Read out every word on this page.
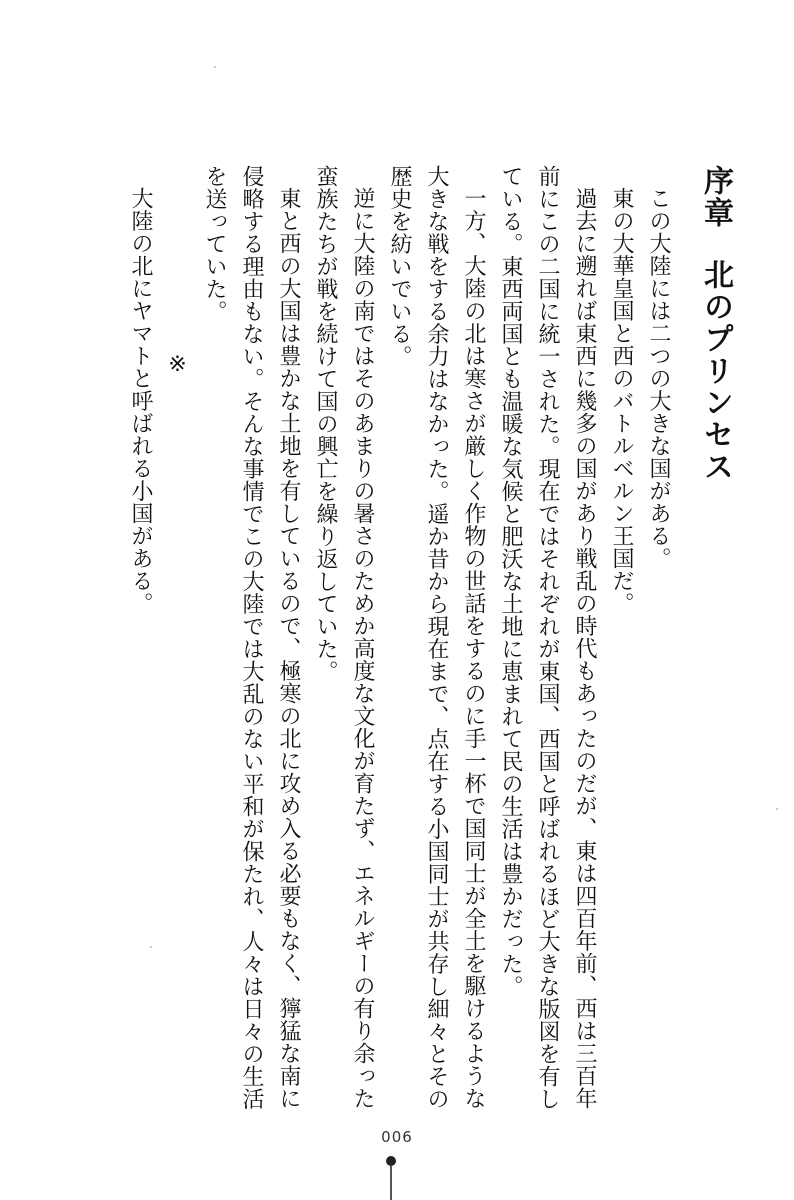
序章北のプリンセス

この大陸には二つの大きな国がある。

東の大華皇国と西のバトルベルン王国だ。

過去に遡れば東西に幾多の国があり戦乱の時代もあったのだが、東は四百年前、西は三百年前にこの二国に統一された。現在ではそれぞれが東国、西国と呼ばれるほど大きな版図を有している。東西両国とも温暖な気候と肥沃な土地に恵まれて民の生活は豊かだった。

一方、大陸の北は寒さが厳しく作物の世話をするのに手一杯で国同士が全土を駆けるような大きな戦をする余力はなかった。遥か昔から現在まで、点在する小国同士が共存し細々とその歴史を紡いでいる。

逆に大陸の南ではそのあまりの暑さのためか高度な文化が育たず、エネルギーの有り余った蛮族たちが戦を続けて国の興亡を繰り返していた。

東と西の大国は豊かな土地を有しているので、極寒の北に攻め入る必要もなく、獰猛な南に侵略する理由もない。そんな事情でこの大陸では大乱のない平和が保たれ、人々は日々の生活を送っていた。

※

大陸の北にヤマトと呼ばれる小国がある。

006
